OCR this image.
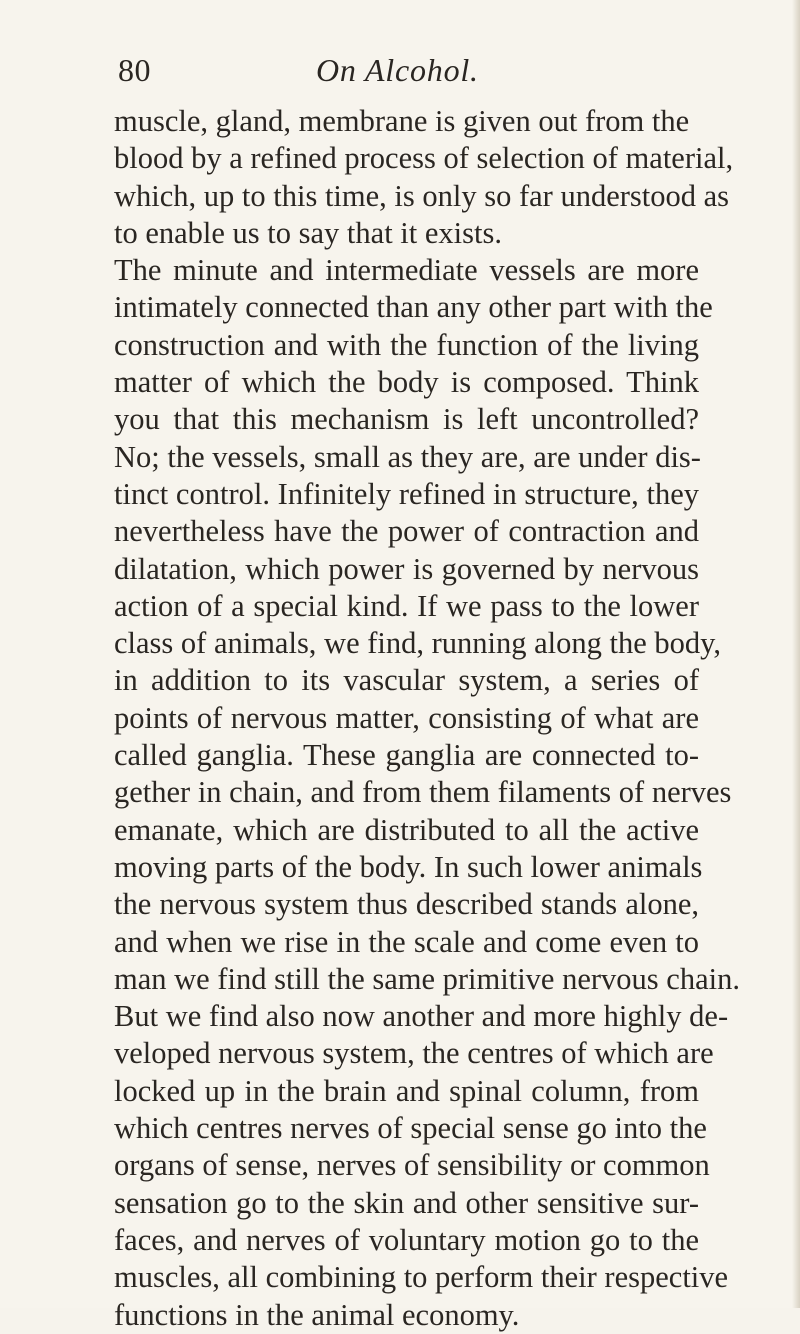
80	On Alcohol.
muscle, gland, membrane is given out from the
blood by a refined process of selection of material,
which, up to this time, is only so far understood as
to enable us to say that it exists.
The minute and intermediate vessels are more
intimately connected than any other part with the
construction and with the function of the living
matter of which the body is composed. Think
you that this mechanism is left uncontrolled?
No; the vessels, small as they are, are under dis-
tinct control. Infinitely refined in structure, they
nevertheless have the power of contraction and
dilatation, which power is governed by nervous
action of a special kind. If we pass to the lower
class of animals, we find, running along the body,
in addition to its vascular system, a series of
points of nervous matter, consisting of what are
called ganglia. These ganglia are connected to-
gether in chain, and from them filaments of nerves
emanate, which are distributed to all the active
moving parts of the body. In such lower animals
the nervous system thus described stands alone,
and when we rise in the scale and come even to
man we find still the same primitive nervous chain.
But we find also now another and more highly de-
veloped nervous system, the centres of which are
locked up in the brain and spinal column, from
which centres nerves of special sense go into the
organs of sense, nerves of sensibility or common
sensation go to the skin and other sensitive sur-
faces, and nerves of voluntary motion go to the
muscles, all combining to perform their respective
functions in the animal economy.
